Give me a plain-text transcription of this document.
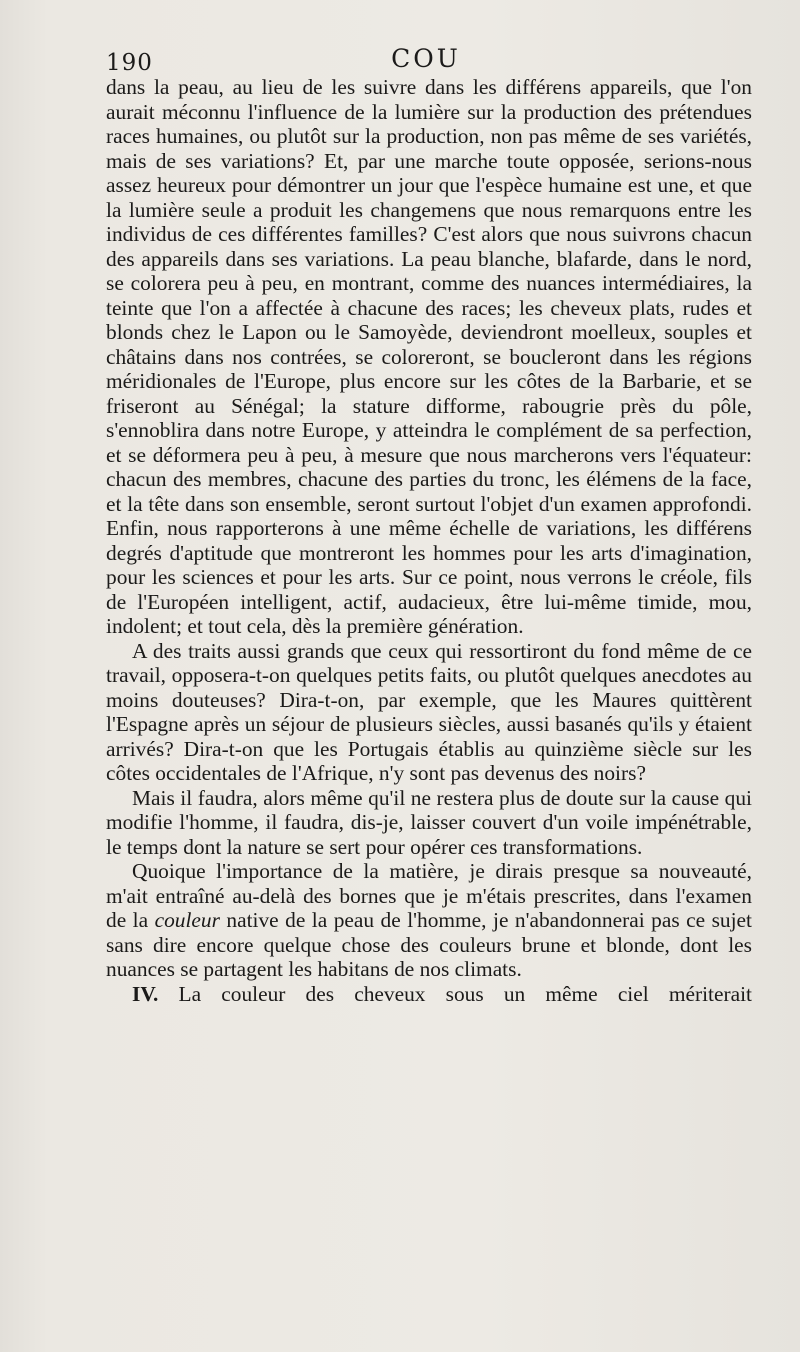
190	COU

dans la peau, au lieu de les suivre dans les différens appareils, que l'on aurait méconnu l'influence de la lumière sur la production des prétendues races humaines, ou plutôt sur la production, non pas même de ses variétés, mais de ses variations? Et, par une marche toute opposée, serions-nous assez heureux pour démontrer un jour que l'espèce humaine est une, et que la lumière seule a produit les changemens que nous remarquons entre les individus de ces différentes familles? C'est alors que nous suivrons chacun des appareils dans ses variations. La peau blanche, blafarde, dans le nord, se colorera peu à peu, en montrant, comme des nuances intermédiaires, la teinte que l'on a affectée à chacune des races; les cheveux plats, rudes et blonds chez le Lapon ou le Samoyède, deviendront moelleux, souples et châtains dans nos contrées, se coloreront, se boucleront dans les régions méridionales de l'Europe, plus encore sur les côtes de la Barbarie, et se friseront au Sénégal; la stature difforme, rabougrie près du pôle, s'ennoblira dans notre Europe, y atteindra le complément de sa perfection, et se déformera peu à peu, à mesure que nous marcherons vers l'équateur: chacun des membres, chacune des parties du tronc, les élémens de la face, et la tête dans son ensemble, seront surtout l'objet d'un examen approfondi. Enfin, nous rapporterons à une même échelle de variations, les différens degrés d'aptitude que montreront les hommes pour les arts d'imagination, pour les sciences et pour les arts. Sur ce point, nous verrons le créole, fils de l'Européen intelligent, actif, audacieux, être lui-même timide, mou, indolent; et tout cela, dès la première génération.

A des traits aussi grands que ceux qui ressortiront du fond même de ce travail, opposera-t-on quelques petits faits, ou plutôt quelques anecdotes au moins douteuses? Dira-t-on, par exemple, que les Maures quittèrent l'Espagne après un séjour de plusieurs siècles, aussi basanés qu'ils y étaient arrivés? Dira-t-on que les Portugais établis au quinzième siècle sur les côtes occidentales de l'Afrique, n'y sont pas devenus des noirs?

Mais il faudra, alors même qu'il ne restera plus de doute sur la cause qui modifie l'homme, il faudra, dis-je, laisser couvert d'un voile impénétrable, le temps dont la nature se sert pour opérer ces transformations.

Quoique l'importance de la matière, je dirais presque sa nouveauté, m'ait entraîné au-delà des bornes que je m'étais prescrites, dans l'examen de la couleur native de la peau de l'homme, je n'abandonnerai pas ce sujet sans dire encore quelque chose des couleurs brune et blonde, dont les nuances se partagent les habitans de nos climats.

IV. La couleur des cheveux sous un même ciel mériterait
